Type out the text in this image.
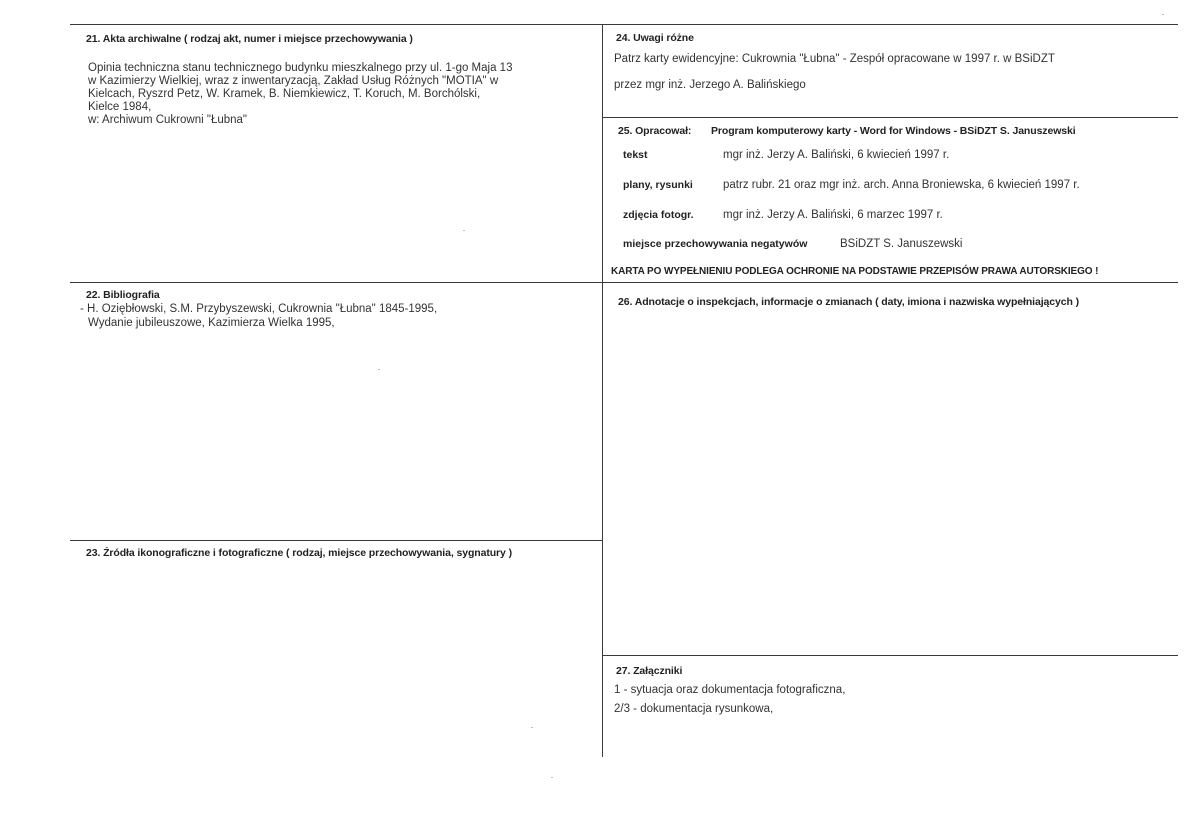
21. Akta archiwalne ( rodzaj akt, numer i miejsce przechowywania )
Opinia techniczna stanu technicznego budynku mieszkalnego przy ul. 1-go Maja 13
w Kazimierzy Wielkiej, wraz z inwentaryzacją, Zakład Usług Różnych "MOTIA" w
Kielcach, Ryszrd Petz, W. Kramek, B. Niemkiewicz, T. Koruch, M. Borchólski,
Kielce 1984,
w: Archiwum Cukrowni "Łubna"
22. Bibliografia
- H. Oziębłowski, S.M. Przybyszewski, Cukrownia "Łubna" 1845-1995,
Wydanie jubileuszowe, Kazimierza Wielka 1995,
23. Źródła ikonograficzne i fotograficzne ( rodzaj, miejsce przechowywania, sygnatury )
24. Uwagi różne
Patrz karty ewidencyjne: Cukrownia "Łubna" - Zespół opracowane w 1997 r. w BSiDZT
przez mgr inż. Jerzego A. Balińskiego
25. Opracował: Program komputerowy karty - Word for Windows - BSiDZT S. Januszewski
tekst	mgr inż. Jerzy A. Baliński, 6 kwiecień 1997 r.
plany, rysunki	patrz rubr. 21 oraz mgr inż. arch. Anna Broniewska, 6 kwiecień 1997 r.
zdjęcia fotogr.	mgr inż. Jerzy A. Baliński, 6 marzec 1997 r.
miejsce przechowywania negatywów	BSiDZT S. Januszewski
KARTA PO WYPEŁNIENIU PODLEGA OCHRONIE NA PODSTAWIE PRZEPISÓW PRAWA AUTORSKIEGO !
26. Adnotacje o inspekcjach, informacje o zmianach ( daty, imiona i nazwiska wypełniających )
27. Załączniki
1 - sytuacja oraz dokumentacja fotograficzna,
2/3 - dokumentacja rysunkowa,
